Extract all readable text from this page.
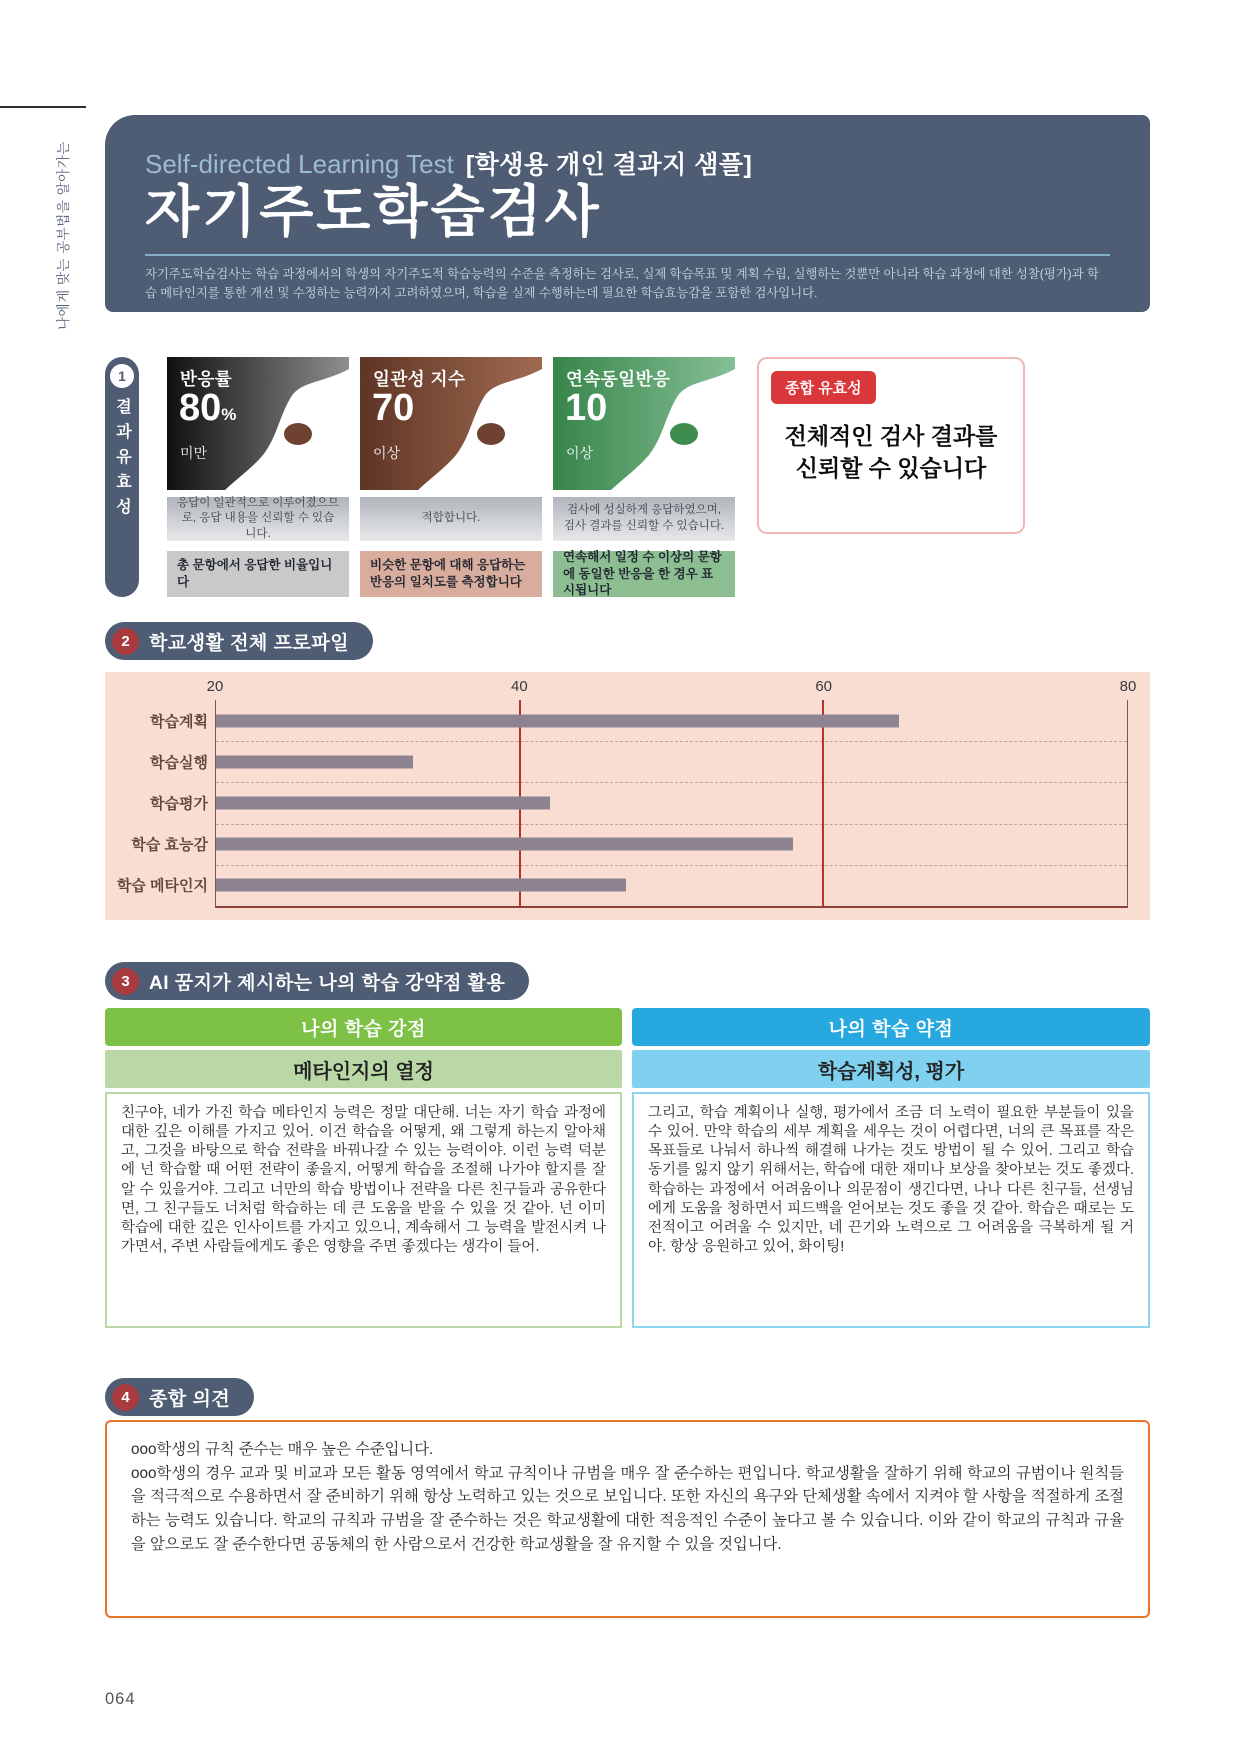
나에게 맞는 공부법을 알아가는	Self-directed Learning Test [학생용 개인 결과지 샘플]
자기주도학습검사
자기주도학습검사는 학습 과정에서의 학생의 자기주도적 학습능력의 수준을 측정하는 검사로, 실제 학습목표 및 계획 수립, 실행하는 것뿐만 아니라 학습 과정에 대한 성찰(평가)과 학습 메타인지를 통한 개선 및 수정하는 능력까지 고려하였으며, 학습을 실제 수행하는데 필요한 학습효능감을 포함한 검사입니다.
1
결과유효성
반응률
80%
미만
응답이 일관적으로 이루어졌으므로, 응답 내용을 신뢰할 수 있습니다.
총 문항에서 응답한 비율입니다
일관성 지수
70
이상
적합합니다.
비슷한 문항에 대해 응답하는 반응의 일치도를 측정합니다
연속동일반응
10
이상
검사에 성실하게 응답하였으며, 검사 결과를 신뢰할 수 있습니다.
연속해서 일정 수 이상의 문항에 동일한 반응을 한 경우 표시됩니다
종합 유효성
전체적인 검사 결과를
신뢰할 수 있습니다
2	학교생활 전체 프로파일
20	40	60	80
학습계획
학습실행
학습평가
학습 효능감
학습 메타인지
3	AI 꿈지가 제시하는 나의 학습 강약점 활용
나의 학습 강점
메타인지의 열정
친구야, 네가 가진 학습 메타인지 능력은 정말 대단해. 너는 자기 학습 과정에 대한 깊은 이해를 가지고 있어. 이건 학습을 어떻게, 왜 그렇게 하는지 알아채고, 그것을 바탕으로 학습 전략을 바꿔나갈 수 있는 능력이야. 이런 능력 덕분에 넌 학습할 때 어떤 전략이 좋을지, 어떻게 학습을 조절해 나가야 할지를 잘 알 수 있을거야. 그리고 너만의 학습 방법이나 전략을 다른 친구들과 공유한다면, 그 친구들도 너처럼 학습하는 데 큰 도움을 받을 수 있을 것 같아. 넌 이미 학습에 대한 깊은 인사이트를 가지고 있으니, 계속해서 그 능력을 발전시켜 나가면서, 주변 사람들에게도 좋은 영향을 주면 좋겠다는 생각이 들어.
나의 학습 약점
학습계획성, 평가
그리고, 학습 계획이나 실행, 평가에서 조금 더 노력이 필요한 부분들이 있을 수 있어. 만약 학습의 세부 계획을 세우는 것이 어렵다면, 너의 큰 목표를 작은 목표들로 나눠서 하나씩 해결해 나가는 것도 방법이 될 수 있어. 그리고 학습 동기를 잃지 않기 위해서는, 학습에 대한 재미나 보상을 찾아보는 것도 좋겠다. 학습하는 과정에서 어려움이나 의문점이 생긴다면, 나나 다른 친구들, 선생님에게 도움을 청하면서 피드백을 얻어보는 것도 좋을 것 같아. 학습은 때로는 도전적이고 어려울 수 있지만, 네 끈기와 노력으로 그 어려움을 극복하게 될 거야. 항상 응원하고 있어, 화이팅!
4	종합 의견
ooo학생의 규칙 준수는 매우 높은 수준입니다.
ooo학생의 경우 교과 및 비교과 모든 활동 영역에서 학교 규칙이나 규범을 매우 잘 준수하는 편입니다. 학교생활을 잘하기 위해 학교의 규범이나 원칙들을 적극적으로 수용하면서 잘 준비하기 위해 항상 노력하고 있는 것으로 보입니다. 또한 자신의 욕구와 단체생활 속에서 지켜야 할 사항을 적절하게 조절하는 능력도 있습니다. 학교의 규칙과 규범을 잘 준수하는 것은 학교생활에 대한 적응적인 수준이 높다고 볼 수 있습니다. 이와 같이 학교의 규칙과 규율을 앞으로도 잘 준수한다면 공동체의 한 사람으로서 건강한 학교생활을 잘 유지할 수 있을 것입니다.
064
